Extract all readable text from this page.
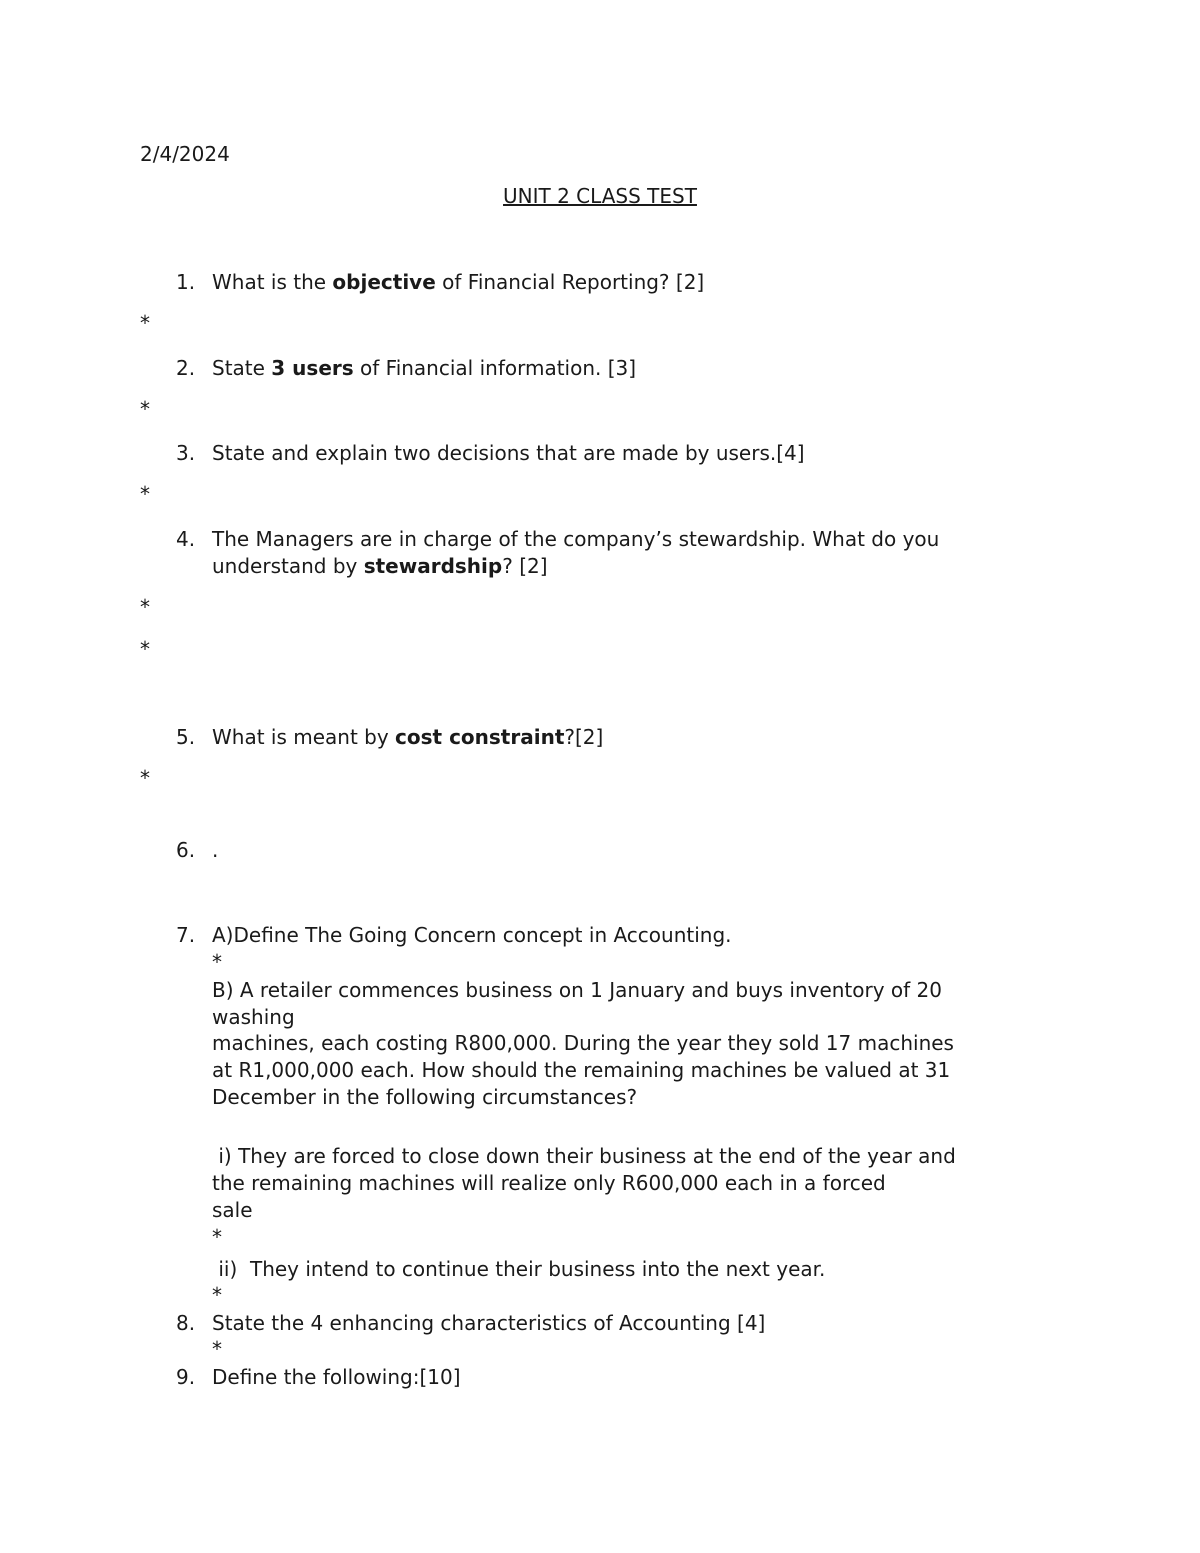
2/4/2024
UNIT 2 CLASS TEST
1. What is the objective of Financial Reporting? [2]
*
2. State 3 users of Financial information. [3]
*
3. State and explain two decisions that are made by users.[4]
*
4. The Managers are in charge of the company’s stewardship. What do you
understand by stewardship? [2]
*
*
5. What is meant by cost constraint?[2]
*
6. .
7. A)Define The Going Concern concept in Accounting.
*
B) A retailer commences business on 1 January and buys inventory of 20
washing
machines, each costing R800,000. During the year they sold 17 machines
at R1,000,000 each. How should the remaining machines be valued at 31
December in the following circumstances?
i) They are forced to close down their business at the end of the year and
the remaining machines will realize only R600,000 each in a forced
sale
*
ii)  They intend to continue their business into the next year.
*
8. State the 4 enhancing characteristics of Accounting [4]
*
9. Define the following:[10]
